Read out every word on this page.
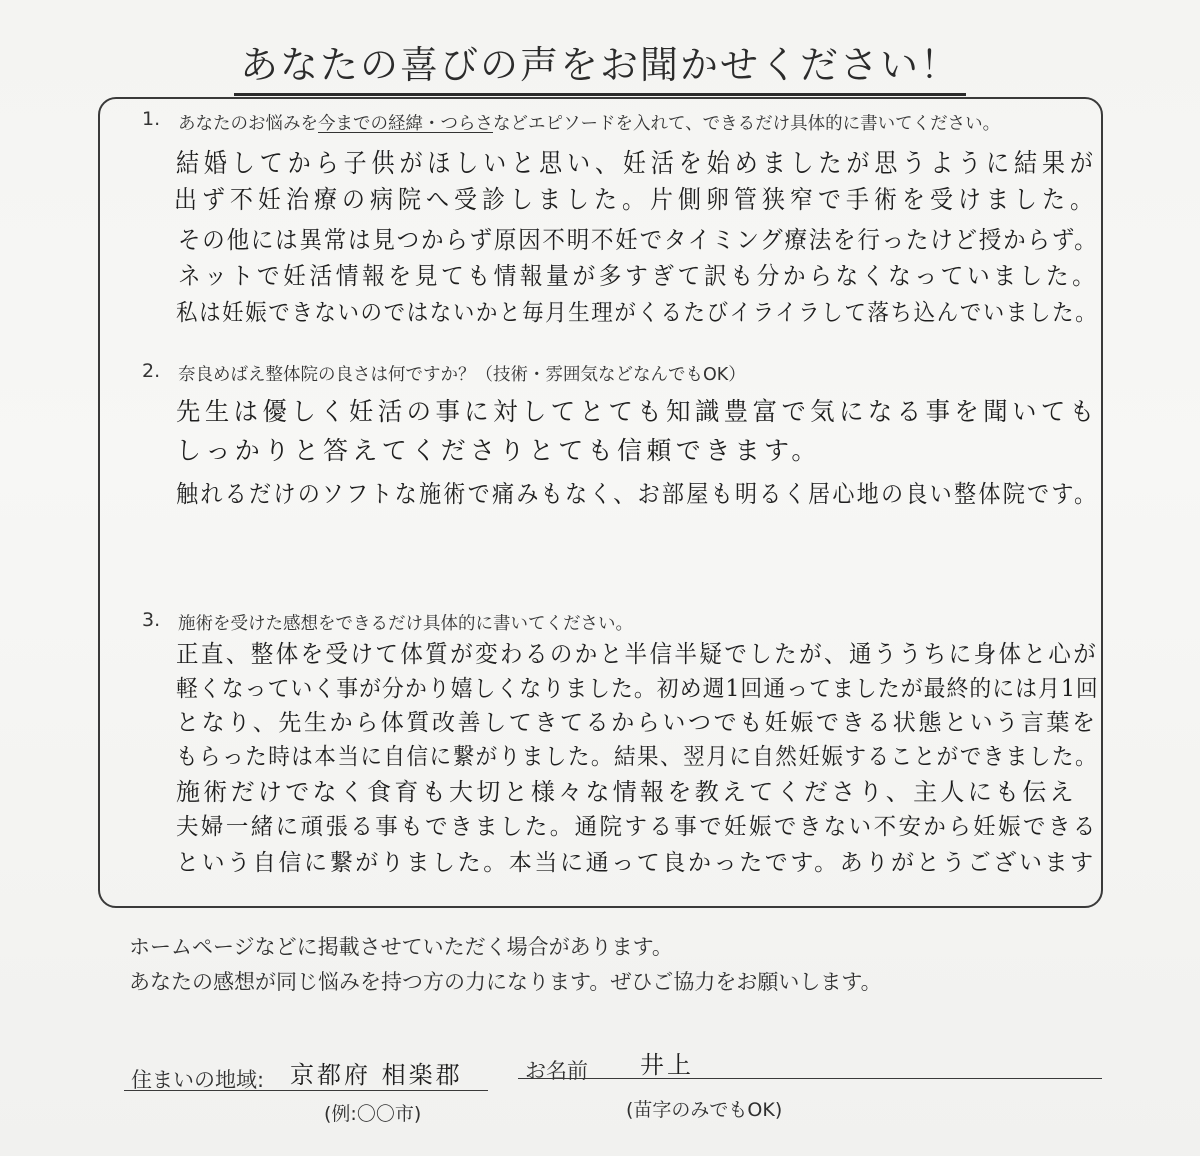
あなたの喜びの声をお聞かせください！
1. あなたのお悩みを今までの経緯・つらさなどエピソードを入れて、できるだけ具体的に書いてください。
結婚してから子供がほしいと思い、妊活を始めましたが思うように結果が
出ず不妊治療の病院へ受診しました。片側卵管狭窄で手術を受けました。
その他には異常は見つからず原因不明不妊でタイミング療法を行ったけど授からず。
ネットで妊活情報を見ても情報量が多すぎて訳も分からなくなっていました。
私は妊娠できないのではないかと毎月生理がくるたびイライラして落ち込んでいました。
2. 奈良めばえ整体院の良さは何ですか？（技術・雰囲気などなんでもOK）
先生は優しく妊活の事に対してとても知識豊富で気になる事を聞いても
しっかりと答えてくださりとても信頼できます。
触れるだけのソフトな施術で痛みもなく、お部屋も明るく居心地の良い整体院です。
3. 施術を受けた感想をできるだけ具体的に書いてください。
正直、整体を受けて体質が変わるのかと半信半疑でしたが、通ううちに身体と心が
軽くなっていく事が分かり嬉しくなりました。初め週1回通ってましたが最終的には月1回
となり、先生から体質改善してきてるからいつでも妊娠できる状態という言葉を
もらった時は本当に自信に繋がりました。結果、翌月に自然妊娠することができました。
施術だけでなく食育も大切と様々な情報を教えてくださり、主人にも伝え
夫婦一緒に頑張る事もできました。通院する事で妊娠できない不安から妊娠できる
という自信に繋がりました。本当に通って良かったです。ありがとうございます
ホームページなどに掲載させていただく場合があります。
あなたの感想が同じ悩みを持つ方の力になります。ぜひご協力をお願いします。
住まいの地域: 京都府 相楽郡
(例:〇〇市)
お名前 井上
(苗字のみでもOK)
